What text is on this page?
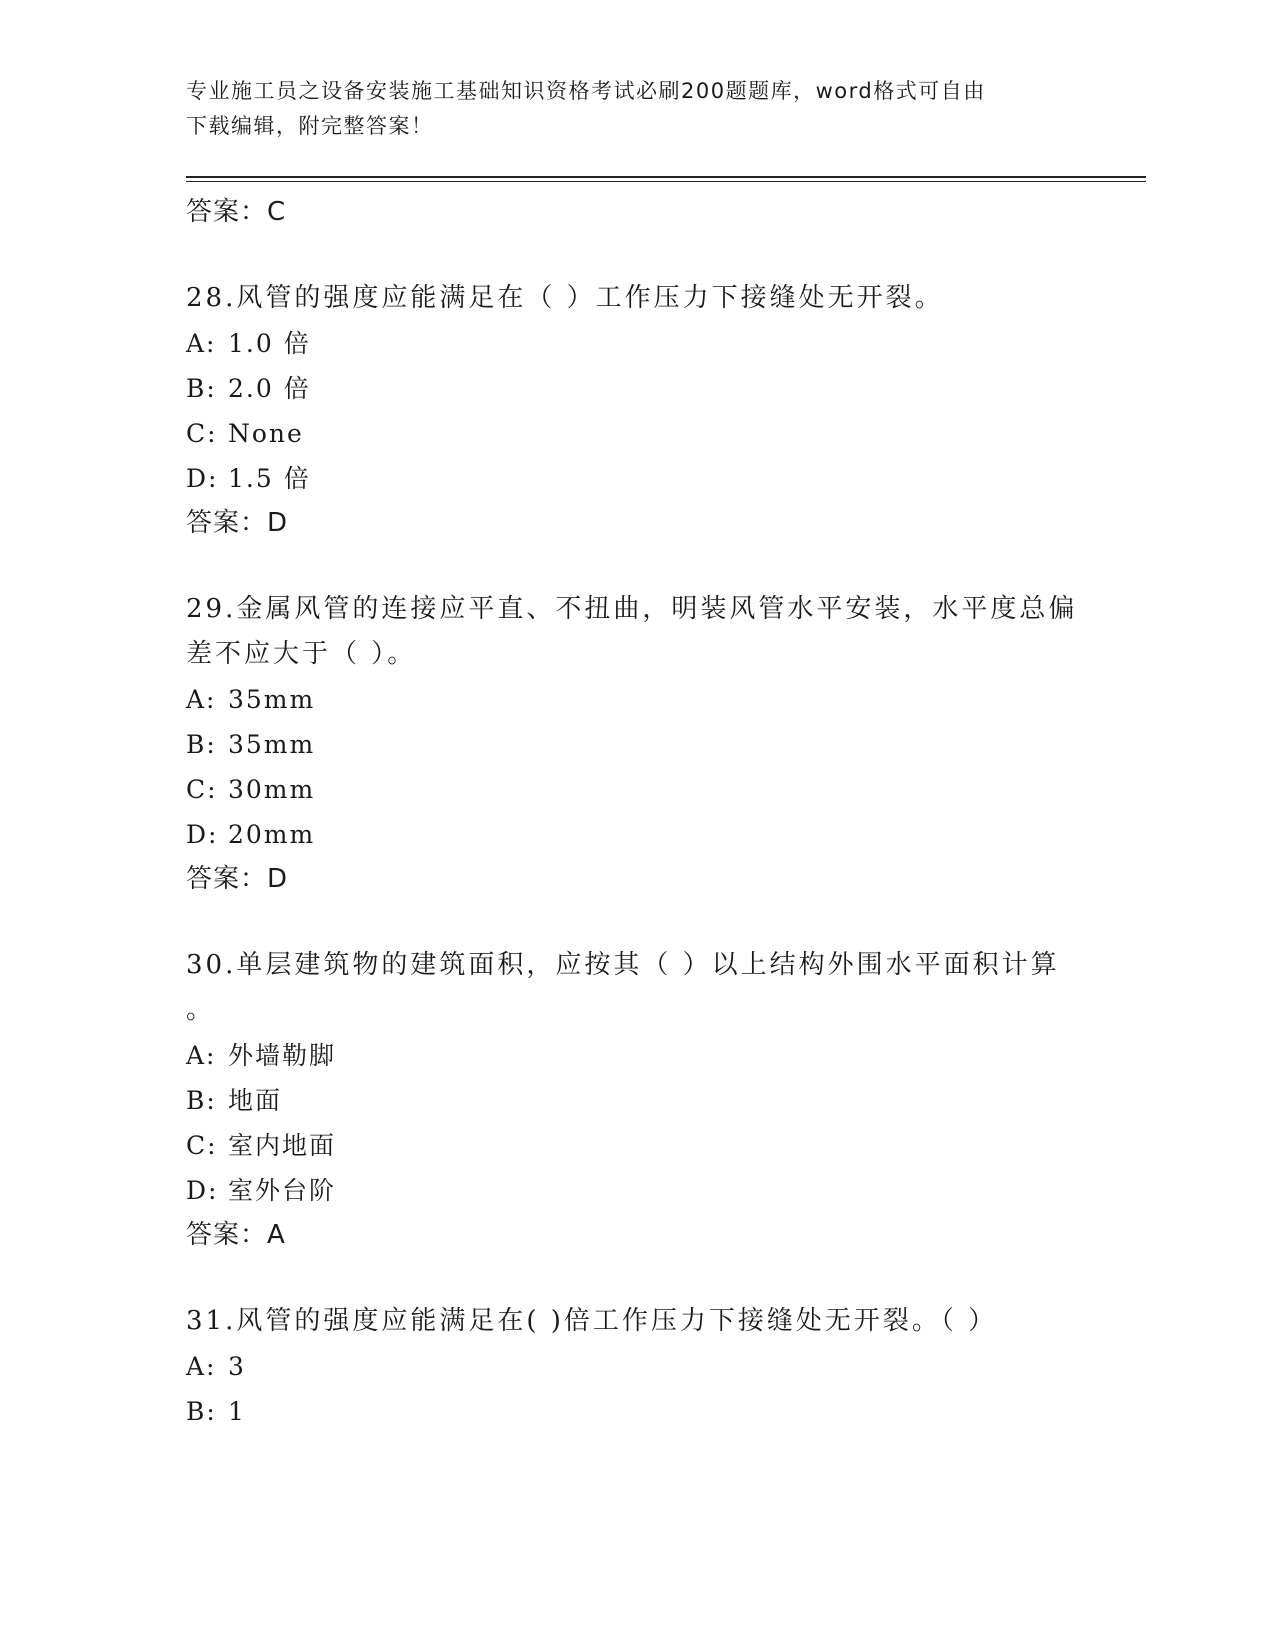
专业施工员之设备安装施工基础知识资格考试必刷200题题库，word格式可自由
下载编辑，附完整答案！
答案：C
28.风管的强度应能满足在（ ）工作压力下接缝处无开裂。
A: 1.0 倍
B: 2.0 倍
C: None
D: 1.5 倍
答案：D
29.金属风管的连接应平直、不扭曲，明装风管水平安装，水平度总偏
差不应大于（ ）。
A: 35mm
B: 35mm
C: 30mm
D: 20mm
答案：D
30.单层建筑物的建筑面积，应按其（ ）以上结构外围水平面积计算
。
A: 外墙勒脚
B: 地面
C: 室内地面
D: 室外台阶
答案：A
31.风管的强度应能满足在( )倍工作压力下接缝处无开裂。（ ）
A: 3
B: 1
